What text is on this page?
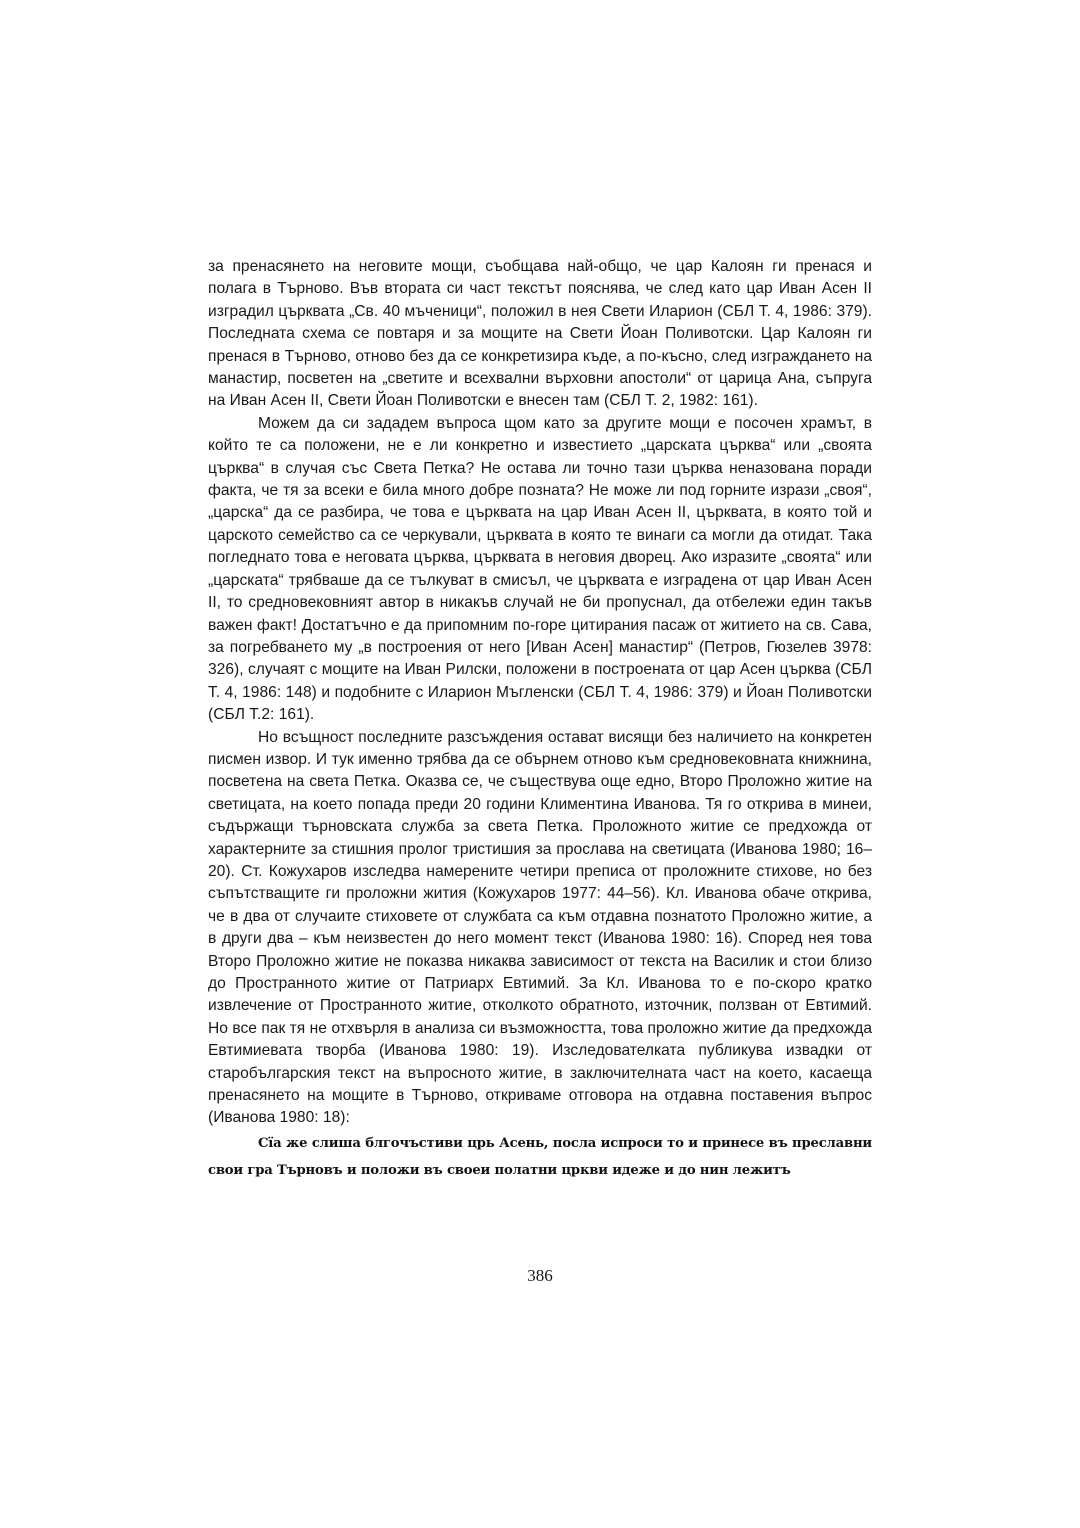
за пренасянето на неговите мощи, съобщава най-общо, че цар Калоян ги пренася и полага в Търново. Във втората си част текстът пояснява, че след като цар Иван Асен II изградил църквата „Св. 40 мъченици“, положил в нея Свети Иларион (СБЛ Т. 4, 1986: 379). Последната схема се повтаря и за мощите на Свети Йоан Поливотски. Цар Калоян ги пренася в Търново, отново без да се конкретизира къде, а по-късно, след изграждането на манастир, посветен на „светите и всехвални върховни апостоли“ от царица Ана, съпруга на Иван Асен II, Свети Йоан Поливотски е внесен там (СБЛ Т. 2, 1982: 161).

Можем да си зададем въпроса щом като за другите мощи е посочен храмът, в който те са положени, не е ли конкретно и известието „царската църква“ или „своята църква“ в случая със Света Петка? Не остава ли точно тази църква неназована поради факта, че тя за всеки е била много добре позната? Не може ли под горните изрази „своя“, „царска“ да се разбира, че това е църквата на цар Иван Асен II, църквата, в която той и царското семейство са се черкували, църквата в която те винаги са могли да отидат. Така погледнато това е неговата църква, църквата в неговия дворец. Ако изразите „своята“ или „царската“ трябваше да се тълкуват в смисъл, че църквата е изградена от цар Иван Асен II, то средновековният автор в никакъв случай не би пропуснал, да отбележи един такъв важен факт! Достатъчно е да припомним по-горе цитирания пасаж от житието на св. Сава, за погребването му „в построения от него [Иван Асен] манастир“ (Петров, Гюзелев 3978: 326), случаят с мощите на Иван Рилски, положени в построената от цар Асен църква (СБЛ Т. 4, 1986: 148) и подобните с Иларион Мъгленски (СБЛ Т. 4, 1986: 379) и Йоан Поливотски (СБЛ Т.2: 161).

Но всъщност последните разсъждения остават висящи без наличието на конкретен писмен извор. И тук именно трябва да се обърнем отново към средновековната книжнина, посветена на света Петка. Оказва се, че съществува още едно, Второ Проложно житие на светицата, на което попада преди 20 години Климентина Иванова. Тя го открива в минеи, съдържащи търновската служба за света Петка. Проложното житие се предхожда от характерните за стишния пролог тристишия за прослава на светицата (Иванова 1980; 16–20). Ст. Кожухаров изследва намерените четири преписа от проложните стихове, но без съпътстващите ги проложни жития (Кожухаров 1977: 44–56). Кл. Иванова обаче открива, че в два от случаите стиховете от службата са към отдавна познатото Проложно житие, а в други два – към неизвестен до него момент текст (Иванова 1980: 16). Според нея това Второ Проложно житие не показва никаква зависимост от текста на Василик и стои близо до Пространното житие от Патриарх Евтимий. За Кл. Иванова то е по-скоро кратко извлечение от Пространното житие, отколкото обратното, източник, ползван от Евтимий. Но все пак тя не отхвърля в анализа си възможността, това проложно житие да предхожда Евтимиевата творба (Иванова 1980: 19). Изследователката публикува извадки от старобългарския текст на въпросното житие, в заключителната част на което, касаеща пренасянето на мощите в Търново, откриваме отговора на отдавна поставения въпрос (Иванова 1980: 18):

Сїа же слишa блгочъстиви црь Асень, посла испроси то и принесе въ преславни свои гра Търновъ и положи въ своеи полатни цркви идеже и до нин лежитъ

386
